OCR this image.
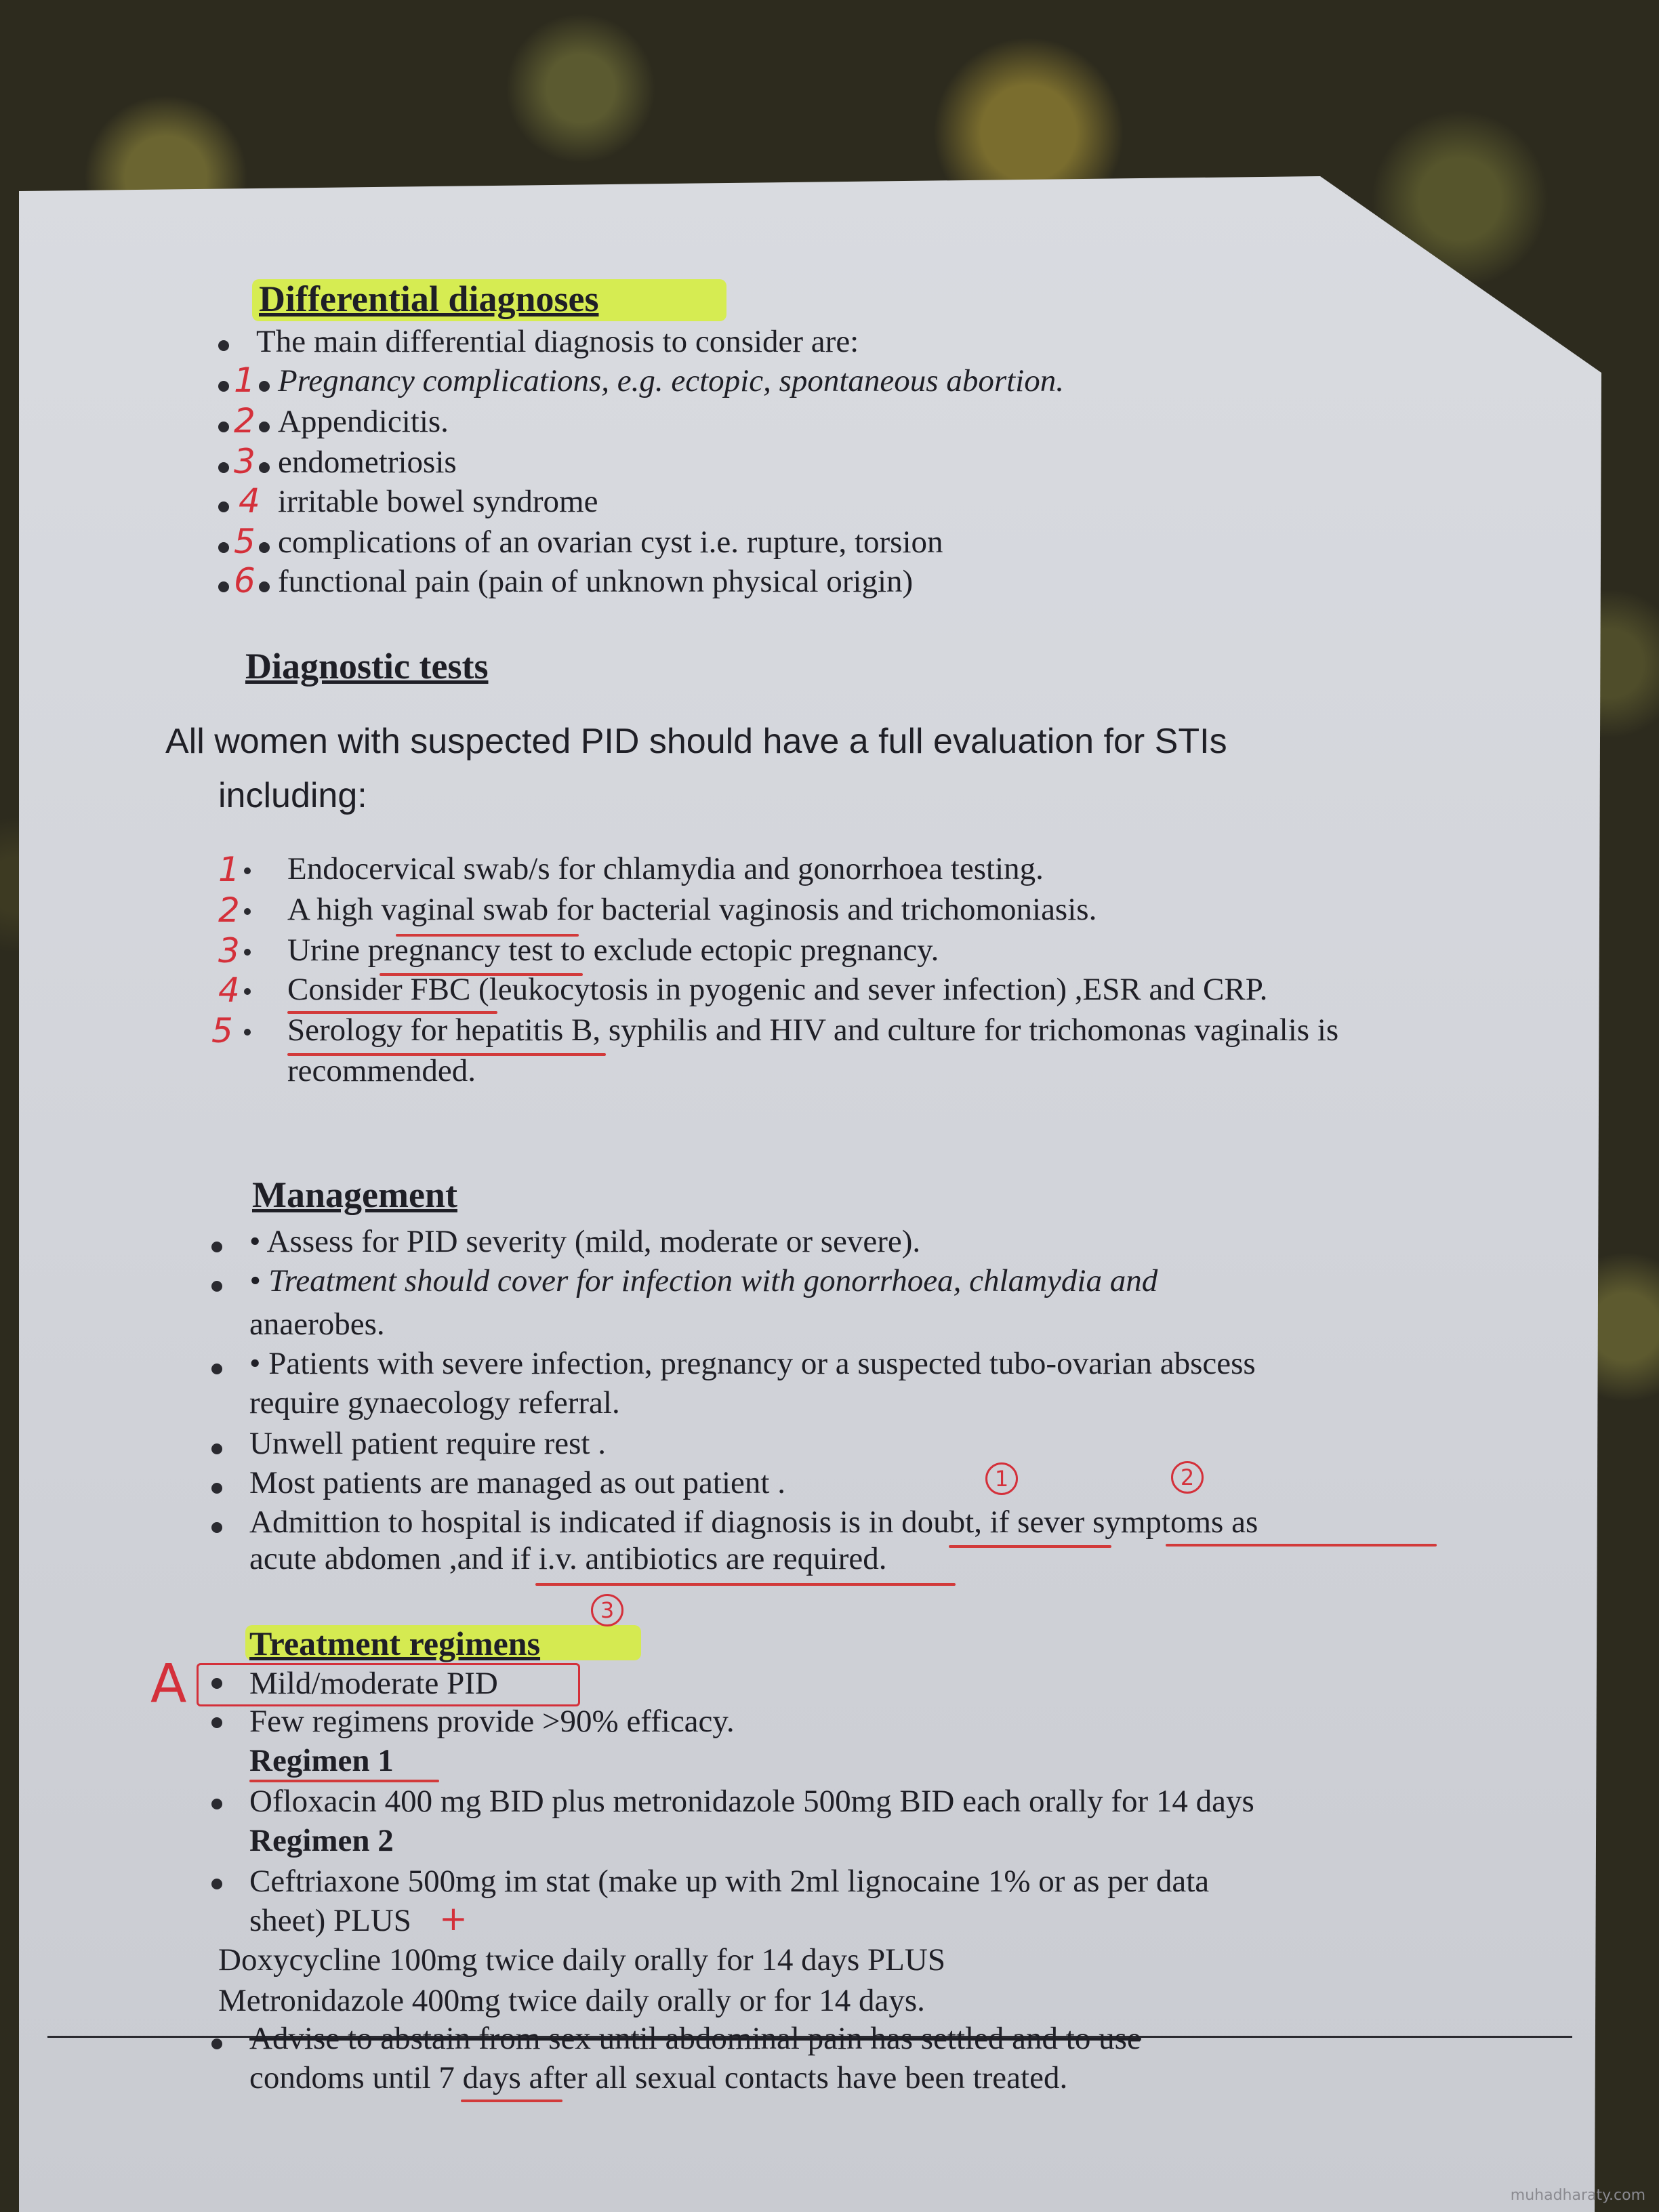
Differential diagnoses
The main differential diagnosis to consider are:
1 Pregnancy complications, e.g. ectopic, spontaneous abortion.
2 Appendicitis.
3 endometriosis
4 irritable bowel syndrome
5 complications of an ovarian cyst i.e. rupture, torsion
6 functional pain (pain of unknown physical origin)
Diagnostic tests
All women with suspected PID should have a full evaluation for STIs
including:
1 Endocervical swab/s for chlamydia and gonorrhoea testing.
2 A high vaginal swab for bacterial vaginosis and trichomoniasis.
3 Urine pregnancy test to exclude ectopic pregnancy.
4 Consider FBC (leukocytosis in pyogenic and sever infection) ,ESR and CRP.
5 Serology for hepatitis B, syphilis and HIV and culture for trichomonas vaginalis is
recommended.
Management
• Assess for PID severity (mild, moderate or severe).
• Treatment should cover for infection with gonorrhoea, chlamydia and
anaerobes.
• Patients with severe infection, pregnancy or a suspected tubo-ovarian abscess
require gynaecology referral.
Unwell patient require rest .
Most patients are managed as out patient .	1	2
Admittion to hospital is indicated if diagnosis is in doubt, if sever symptoms as
acute abdomen ,and if i.v. antibiotics are required.
3
Treatment regimens
A Mild/moderate PID
Few regimens provide >90% efficacy.
Regimen 1
Ofloxacin 400 mg BID plus metronidazole 500mg BID each orally for 14 days
Regimen 2
Ceftriaxone 500mg im stat (make up with 2ml lignocaine 1% or as per data
sheet) PLUS +
Doxycycline 100mg twice daily orally for 14 days PLUS
Metronidazole 400mg twice daily orally or for 14 days.
Advise to abstain from sex until abdominal pain has settled and to use
condoms until 7 days after all sexual contacts have been treated.
muhadharaty.com
